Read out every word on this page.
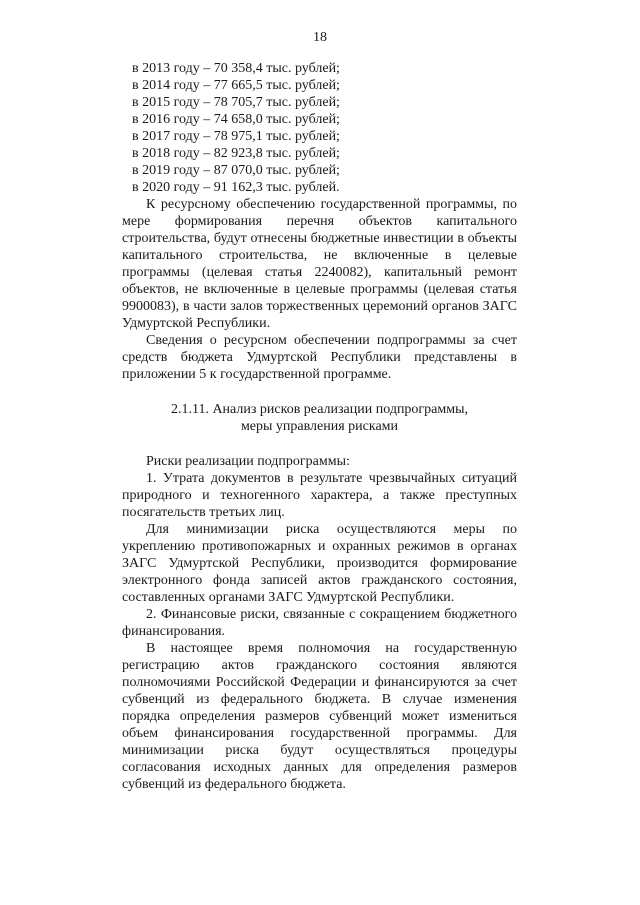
18
в 2013 году – 70 358,4 тыс. рублей;
в 2014 году – 77 665,5 тыс. рублей;
в 2015 году – 78 705,7 тыс. рублей;
в 2016 году – 74 658,0 тыс. рублей;
в 2017 году – 78 975,1 тыс. рублей;
в 2018 году – 82 923,8 тыс. рублей;
в 2019 году – 87 070,0 тыс. рублей;
в 2020 году – 91 162,3 тыс. рублей.

К ресурсному обеспечению государственной программы, по мере формирования перечня объектов капитального строительства, будут отнесены бюджетные инвестиции в объекты капитального строительства, не включенные в целевые программы (целевая статья 2240082), капитальный ремонт объектов, не включенные в целевые программы (целевая статья 9900083), в части залов торжественных церемоний органов ЗАГС Удмуртской Республики.

Сведения о ресурсном обеспечении подпрограммы за счет средств бюджета Удмуртской Республики представлены в приложении 5 к государственной программе.

2.1.11. Анализ рисков реализации подпрограммы,
меры управления рисками

Риски реализации подпрограммы:

1. Утрата документов в результате чрезвычайных ситуаций природного и техногенного характера, а также преступных посягательств третьих лиц.

Для минимизации риска осуществляются меры по укреплению противопожарных и охранных режимов в органах ЗАГС Удмуртской Республики, производится формирование электронного фонда записей актов гражданского состояния, составленных органами ЗАГС Удмуртской Республики.

2. Финансовые риски, связанные с сокращением бюджетного финансирования.

В настоящее время полномочия на государственную регистрацию актов гражданского состояния являются полномочиями Российской Федерации и финансируются за счет субвенций из федерального бюджета. В случае изменения порядка определения размеров субвенций может измениться объем финансирования государственной программы. Для минимизации риска будут осуществляться процедуры согласования исходных данных для определения размеров субвенций из федерального бюджета.
